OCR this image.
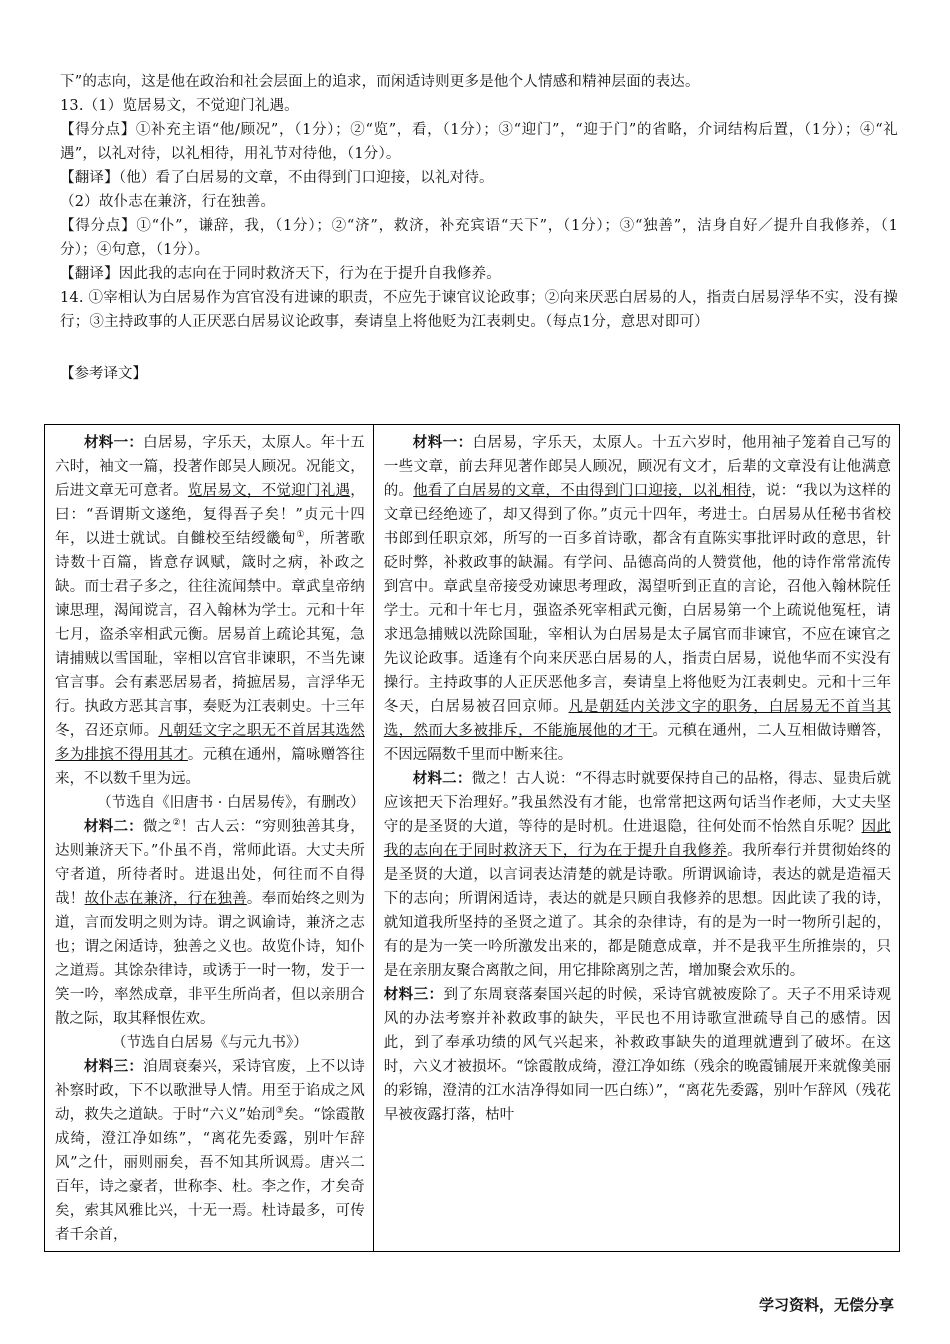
下”的志向，这是他在政治和社会层面上的追求，而闲适诗则更多是他个人情感和精神层面的表达。

13.（1）览居易文，不觉迎门礼遇。

【得分点】①补充主语“他/顾况”，（1分）；②“览”，看，（1分）；③“迎门”，“迎于门”的省略，介词结构后置，（1分）；④“礼遇”，以礼对待，以礼相待，用礼节对待他，（1分）。

【翻译】（他）看了白居易的文章，不由得到门口迎接，以礼对待。

（2）故仆志在兼济，行在独善。

【得分点】①“仆”，谦辞，我，（1分）；②“济”，救济，补充宾语“天下”，（1分）；③“独善”，洁身自好／提升自我修养，（1分）；④句意，（1分）。

【翻译】因此我的志向在于同时救济天下，行为在于提升自我修养。

14. ①宰相认为白居易作为宫官没有进谏的职责，不应先于谏官议论政事；②向来厌恶白居易的人，指责白居易浮华不实，没有操行；③主持政事的人正厌恶白居易议论政事，奏请皇上将他贬为江表刺史。（每点1分，意思对即可）

【参考译文】

材料一：白居易，字乐天，太原人。年十五六时，袖文一篇，投著作郎吴人顾况。况能文，后进文章无可意者。览居易文，不觉迎门礼遇，曰：“吾谓斯文遂绝，复得吾子矣！”贞元十四年，以进士就试。自雠校至结绶畿甸①，所著歌诗数十百篇，皆意存讽赋，箴时之病，补政之缺。而士君子多之，往往流闻禁中。章武皇帝纳谏思理，渴闻谠言，召入翰林为学士。元和十年七月，盗杀宰相武元衡。居易首上疏论其冤，急请捕贼以雪国耻，宰相以宫官非谏职，不当先谏官言事。会有素恶居易者，掎摭居易，言浮华无行。执政方恶其言事，奏贬为江表刺史。十三年冬，召还京师。凡朝廷文字之职无不首居其选然多为排摈不得用其才。元稹在通州，篇咏赠答往来，不以数千里为远。

（节选自《旧唐书 · 白居易传》，有删改）

材料二：微之②！古人云：“穷则独善其身，达则兼济天下。”仆虽不肖，常师此语。大丈夫所守者道，所待者时。进退出处，何往而不自得哉！故仆志在兼济，行在独善。奉而始终之则为道，言而发明之则为诗。谓之讽谕诗，兼济之志也；谓之闲适诗，独善之义也。故览仆诗，知仆之道焉。其馀杂律诗，或诱于一时一物，发于一笑一吟，率然成章，非平生所尚者，但以亲朋合散之际，取其释恨佐欢。

（节选自白居易《与元九书》）

材料三：洎周衰秦兴，采诗官废，上不以诗补察时政，下不以歌泄导人情。用至于谄成之风动，救失之道缺。于时“六义”始刓③矣。“馀霞散成绮，澄江净如练”，“离花先委露，别叶乍辞风”之什，丽则丽矣，吾不知其所讽焉。唐兴二百年，诗之豪者，世称李、杜。李之作，才矣奇矣，索其风雅比兴，十无一焉。杜诗最多，可传者千余首，

材料一：白居易，字乐天，太原人。十五六岁时，他用袖子笼着自己写的一些文章，前去拜见著作郎吴人顾况，顾况有文才，后辈的文章没有让他满意的。他看了白居易的文章，不由得到门口迎接，以礼相待，说：“我以为这样的文章已经绝迹了，却又得到了你。”贞元十四年，考进士。白居易从任秘书省校书郎到任职京郊，所写的一百多首诗歌，都含有直陈实事批评时政的意思，针砭时弊，补救政事的缺漏。有学问、品德高尚的人赞赏他，他的诗作常常流传到宫中。章武皇帝接受劝谏思考理政，渴望听到正直的言论，召他入翰林院任学士。元和十年七月，强盗杀死宰相武元衡，白居易第一个上疏说他冤枉，请求迅急捕贼以洗除国耻，宰相认为白居易是太子属官而非谏官，不应在谏官之先议论政事。适逢有个向来厌恶白居易的人，指责白居易，说他华而不实没有操行。主持政事的人正厌恶他多言，奏请皇上将他贬为江表刺史。元和十三年冬天，白居易被召回京师。凡是朝廷内关涉文字的职务，白居易无不首当其选，然而大多被排斥，不能施展他的才干。元稹在通州，二人互相做诗赠答，不因远隔数千里而中断来往。

材料二：微之！古人说：“不得志时就要保持自己的品格，得志、显贵后就应该把天下治理好。”我虽然没有才能，也常常把这两句话当作老师，大丈夫坚守的是圣贤的大道，等待的是时机。仕进退隐，往何处而不怡然自乐呢？因此我的志向在于同时救济天下，行为在于提升自我修养。我所奉行并贯彻始终的是圣贤的大道，以言词表达清楚的就是诗歌。所谓讽谕诗，表达的就是造福天下的志向；所谓闲适诗，表达的就是只顾自我修养的思想。因此读了我的诗，就知道我所坚持的圣贤之道了。其余的杂律诗，有的是为一时一物所引起的，有的是为一笑一吟所激发出来的，都是随意成章，并不是我平生所推崇的，只是在亲朋友聚合离散之间，用它排除离别之苦，增加聚会欢乐的。

材料三：到了东周衰落秦国兴起的时候，采诗官就被废除了。天子不用采诗观风的办法考察并补救政事的缺失，平民也不用诗歌宣泄疏导自己的感情。因此，到了奉承功绩的风气兴起来，补救政事缺失的道理就遭到了破坏。在这时，六义才被损坏。“馀霞散成绮，澄江净如练（残余的晚霞铺展开来就像美丽的彩锦，澄清的江水洁净得如同一匹白练）”，“离花先委露，别叶乍辞风（残花早被夜露打落，枯叶

学习资料，无偿分享
